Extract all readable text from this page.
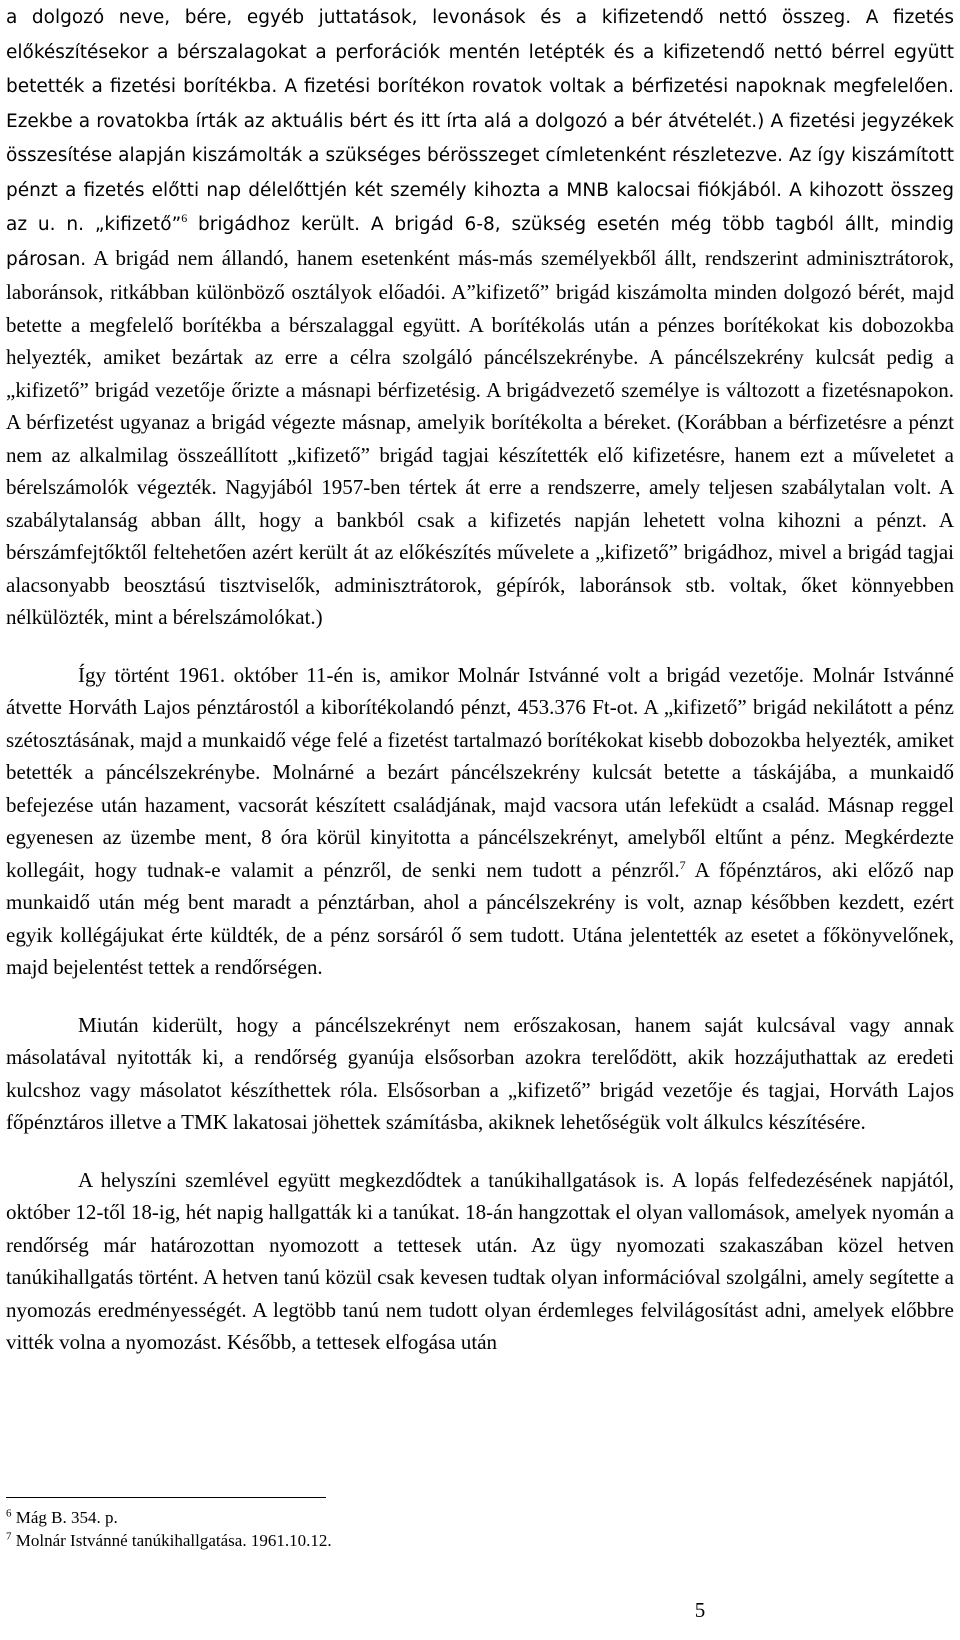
a dolgozó neve, bére, egyéb juttatások, levonások és a kifizetendő nettó összeg. A fizetés előkészítésekor a bérszalagokat a perforációk mentén letépték és a kifizetendő nettó bérrel együtt betették a fizetési borítékba. A fizetési borítékon rovatok voltak a bérfizetési napoknak megfelelően. Ezekbe a rovatokba írták az aktuális bért és itt írta alá a dolgozó a bér átvételét.) A fizetési jegyzékek összesítése alapján kiszámolták a szükséges bérösszeget címletenként részletezve. Az így kiszámított pénzt a fizetés előtti nap délelőttjén két személy kihozta a MNB kalocsai fiókjából. A kihozott összeg az u. n. „kifizető”$^6$ brigádhoz került. A brigád 6-8, szükség esetén még több tagból állt, mindig párosan. A brigád nem állandó, hanem esetenként más-más személyekből állt, rendszerint adminisztrátorok, laboránsok, ritkábban különböző osztályok előadói. A”kifizető” brigád kiszámolta minden dolgozó bérét, majd betette a megfelelő borítékba a bérszalaggal együtt. A borítékolás után a pénzes borítékokat kis dobozokba helyezték, amiket bezártak az erre a célra szolgáló páncélszekrénybe. A páncélszekrény kulcsát pedig a „kifizető” brigád vezetője őrizte a másnapi bérfizetésig. A brigádvezető személye is változott a fizetésnapokon. A bérfizetést ugyanaz a brigád végezte másnap, amelyik borítékolta a béreket. (Korábban a bérfizetésre a pénzt nem az alkalmilag összeállított „kifizető” brigád tagjai készítették elő kifizetésre, hanem ezt a műveletet a bérelszámolók végezték. Nagyjából 1957-ben tértek át erre a rendszerre, amely teljesen szabálytalan volt. A szabálytalanság abban állt, hogy a bankból csak a kifizetés napján lehetett volna kihozni a pénzt. A bérszámfejtőktől feltehetően azért került át az előkészítés művelete a „kifizető” brigádhoz, mivel a brigád tagjai alacsonyabb beosztású tisztviselők, adminisztrátorok, gépírók, laboránsok stb. voltak, őket könnyebben nélkülözték, mint a bérelszámolókat.)

Így történt 1961. október 11-én is, amikor Molnár Istvánné volt a brigád vezetője. Molnár Istvánné átvette Horváth Lajos pénztárostól a kiborítékolandó pénzt, 453.376 Ft-ot. A „kifizető” brigád nekilátott a pénz szétosztásának, majd a munkaidő vége felé a fizetést tartalmazó borítékokat kisebb dobozokba helyezték, amiket betették a páncélszekrénybe. Molnárné a bezárt páncélszekrény kulcsát betette a táskájába, a munkaidő befejezése után hazament, vacsorát készített családjának, majd vacsora után lefeküdt a család. Másnap reggel egyenesen az üzembe ment, 8 óra körül kinyitotta a páncélszekrényt, amelyből eltűnt a pénz. Megkérdezte kollegáit, hogy tudnak-e valamit a pénzről, de senki nem tudott a pénzről.$^7$ A főpénztáros, aki előző nap munkaidő után még bent maradt a pénztárban, ahol a páncélszekrény is volt, aznap későbben kezdett, ezért egyik kollégájukat érte küldték, de a pénz sorsáról ő sem tudott. Utána jelentették az esetet a főkönyvelőnek, majd bejelentést tettek a rendőrségen.

Miután kiderült, hogy a páncélszekrényt nem erőszakosan, hanem saját kulcsával vagy annak másolatával nyitották ki, a rendőrség gyanúja elsősorban azokra terelődött, akik hozzájuthattak az eredeti kulcshoz vagy másolatot készíthettek róla. Elsősorban a „kifizető” brigád vezetője és tagjai, Horváth Lajos főpénztáros illetve a TMK lakatosai jöhettek számításba, akiknek lehetőségük volt álkulcs készítésére.

A helyszíni szemlével együtt megkezdődtek a tanúkihallgatások is. A lopás felfedezésének napjától, október 12-től 18-ig, hét napig hallgatták ki a tanúkat. 18-án hangzottak el olyan vallomások, amelyek nyomán a rendőrség már határozottan nyomozott a tettesek után. Az ügy nyomozati szakaszában közel hetven tanúkihallgatás történt. A hetven tanú közül csak kevesen tudtak olyan információval szolgálni, amely segítette a nyomozás eredményességét. A legtöbb tanú nem tudott olyan érdemleges felvilágosítást adni, amelyek előbbre vitték volna a nyomozást. Később, a tettesek elfogása után

$^6$ Mág B. 354. p.
$^7$ Molnár Istvánné tanúkihallgatása. 1961.10.12.
5
